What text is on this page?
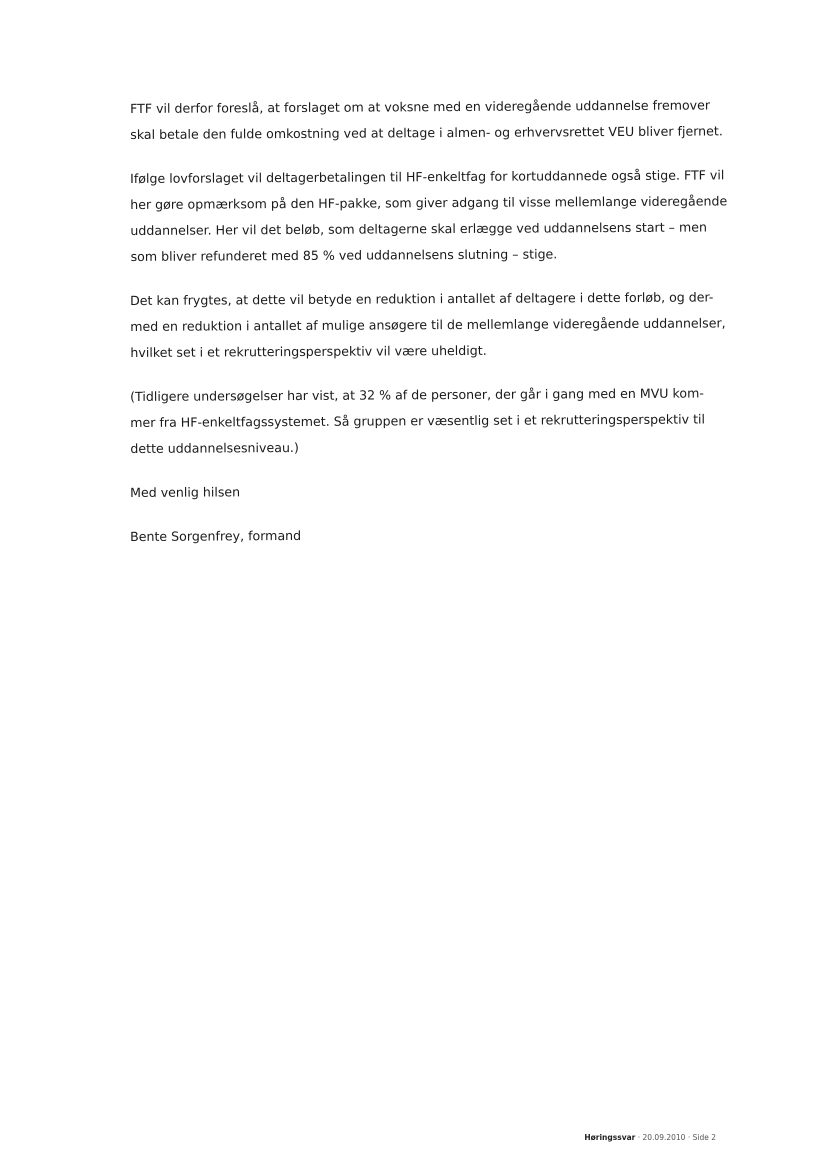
FTF vil derfor foreslå, at forslaget om at voksne med en videregående uddannelse fremover
skal betale den fulde omkostning ved at deltage i almen- og erhvervsrettet VEU bliver fjernet.

Ifølge lovforslaget vil deltagerbetalingen til HF-enkeltfag for kortuddannede også stige. FTF vil
her gøre opmærksom på den HF-pakke, som giver adgang til visse mellemlange videregående
uddannelser. Her vil det beløb, som deltagerne skal erlægge ved uddannelsens start – men
som bliver refunderet med 85 % ved uddannelsens slutning – stige.

Det kan frygtes, at dette vil betyde en reduktion i antallet af deltagere i dette forløb, og der-
med en reduktion i antallet af mulige ansøgere til de mellemlange videregående uddannelser,
hvilket set i et rekrutteringsperspektiv vil være uheldigt.

(Tidligere undersøgelser har vist, at 32 % af de personer, der går i gang med en MVU kom-
mer fra HF-enkeltfagssystemet. Så gruppen er væsentlig set i et rekrutteringsperspektiv til
dette uddannelsesniveau.)

Med venlig hilsen

Bente Sorgenfrey, formand

Høringssvar · 20.09.2010 · Side 2
